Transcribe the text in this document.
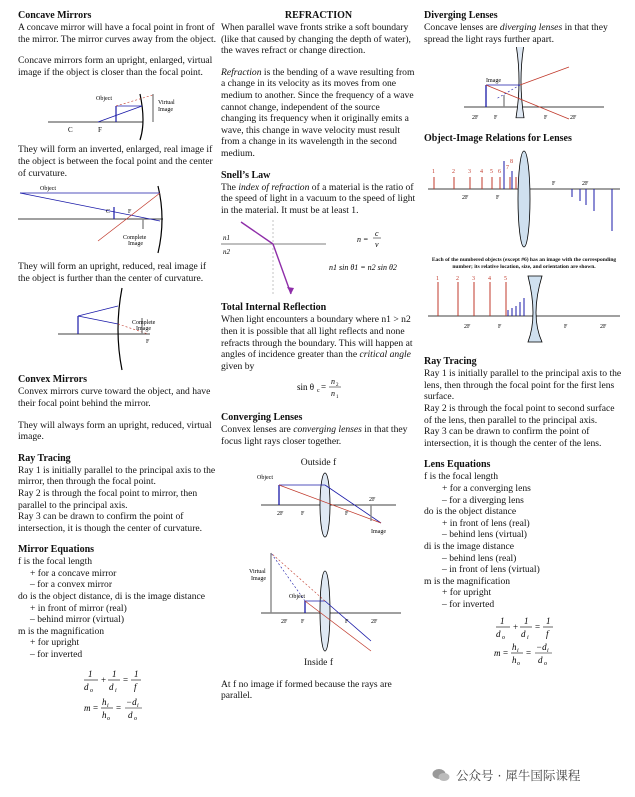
Concave Mirrors

A concave mirror will have a focal point in front of the mirror. The mirror curves away from the object.

Concave mirrors form an upright, enlarged, virtual image if the object is closer than the focal point.

Object
Virtual
Image
C	F

They will form an inverted, enlarged, real image if the object is between the focal point and the center of curvature.

Object
C	F
Complete
Image

They will form an upright, reduced, real image if the object is further than the center of curvature.

Complete
Image
F
Convex Mirrors

Convex mirrors curve toward the object, and have their focal point behind the mirror.

They will always form an upright, reduced, virtual image.

Ray Tracing

Ray 1 is initially parallel to the principal axis to the mirror, then through the focal point.

Ray 2 is through the focal point to mirror, then parallel to the principal axis.

Ray 3 can be drawn to confirm the point of intersection, it is though the center of curvature.

Mirror Equations

f is the focal length

+ for a concave mirror

– for a convex mirror

do is the object distance, di is the image distance

+ in front of mirror (real)

– behind mirror (virtual)

m is the magnification

+ for upright

– for inverted

1
d o
+
1
d i
=
1
f
m =
h i
h o
=
−d i
d o
REFRACTION

When parallel wave fronts strike a soft boundary (like that caused by changing the depth of water), the waves refract or change direction.

Refraction is the bending of a wave resulting from a change in its velocity as its moves from one medium to another. Since the frequency of a wave cannot change, independent of the source changing its frequency when it originally emits a wave, this change in wave velocity must result from a change in its wavelength in the second medium.

Snell’s Law

The index of refraction of a material is the ratio of the speed of light in a vacuum to the speed of light in the material. It must be at least 1.

n1
n2
n =
c
v
n1 sin θ1 = n2 sin θ2
Total Internal Reflection

When light encounters a boundary where n1 > n2 then it is possible that all light reflects and none refracts through the boundary. This will happen at angles of incidence greater than the critical angle given by

sin θ c =
n 2
n 1
Converging Lenses

Convex lenses are converging lenses in that they focus light rays closer together.

Outside f

Object
2F	F	F
2F
Image
Virtual
Image
Object
2F F	F	2F

Inside f

At f no image if formed because the rays are parallel.

Diverging Lenses

Concave lenses are diverging lenses in that they spread the light rays further apart.

Image
2F	F	F	2F
Object-Image Relations for Lenses
1	2 3 4 5 6
7
8
2F	F
F	2F

Each of the numbered objects (except #6) has an image with the corresponding number; its relative location, size, and orientation are shown.

1	2 3 4 5
2F	F	F	2F
Ray Tracing

Ray 1 is initially parallel to the principal axis to the lens, then through the focal point for the first lens surface.

Ray 2 is through the focal point to second surface of the lens, then parallel to the principal axis.

Ray 3 can be drawn to confirm the point of intersection, it is though the center of the lens.

Lens Equations

f is the focal length

+ for a converging lens

– for a diverging lens

do is the object distance

+ in front of lens (real)

– behind lens (virtual)

di is the image distance

– behind lens (real)

– in front of lens (virtual)

m is the magnification

+ for upright

– for inverted

1
d o
+
1
d i
=
1
f
m =
h i
h o
=
−d i
d o
公众号 · 犀牛国际课程
